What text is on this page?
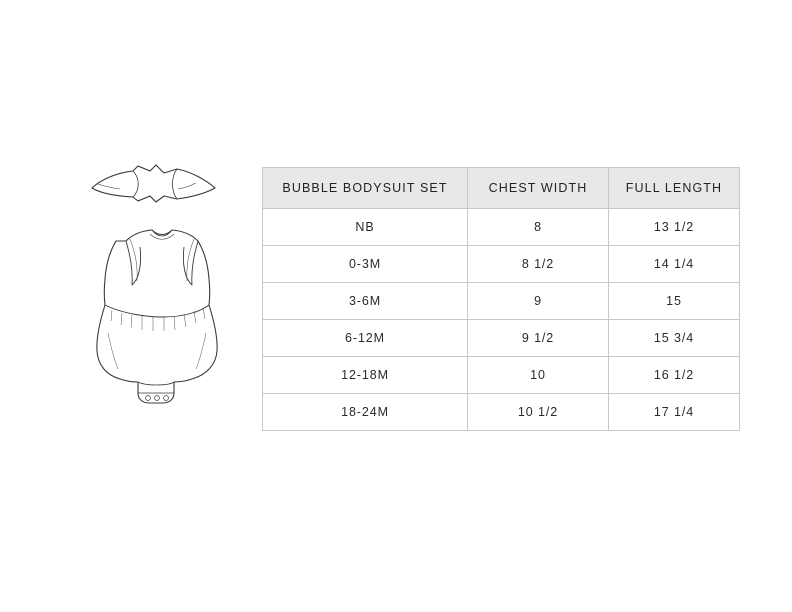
BUBBLE BODYSUIT SET	CHEST WIDTH	FULL LENGTH
NB	8	13 1/2
0-3M	8 1/2	14 1/4
3-6M	9	15
6-12M	9 1/2	15 3/4
12-18M	10	16 1/2
18-24M	10 1/2	17 1/4
